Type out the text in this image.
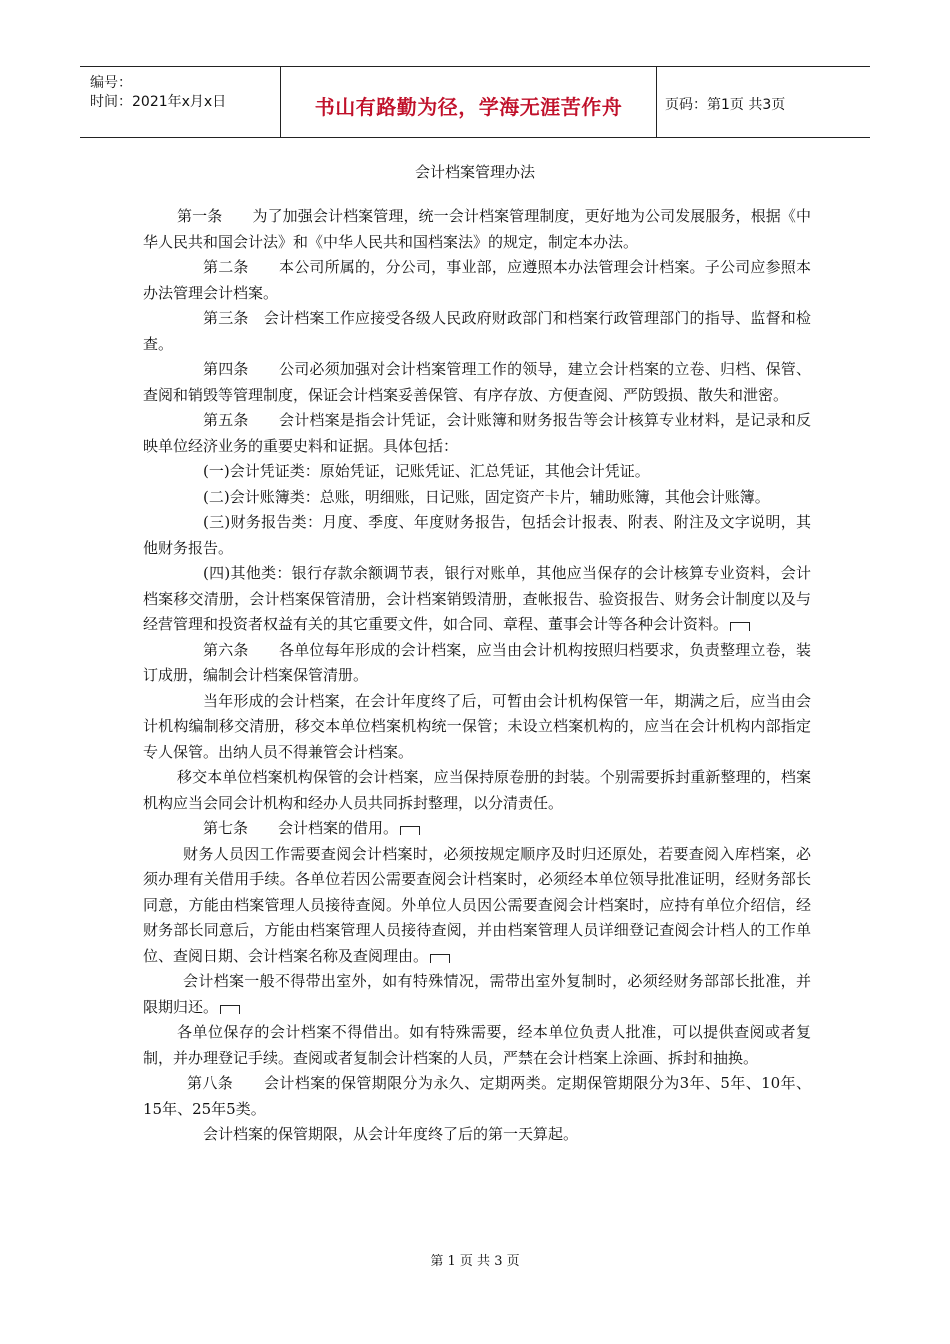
编号：
时间：2021年x月x日	书山有路勤为径，学海无涯苦作舟	页码：第1页 共3页
会计档案管理办法

第一条　　为了加强会计档案管理，统一会计档案管理制度，更好地为公司发展服务，根据《中华人民共和国会计法》和《中华人民共和国档案法》的规定，制定本办法。

第二条　　本公司所属的，分公司，事业部，应遵照本办法管理会计档案。子公司应参照本办法管理会计档案。

第三条　会计档案工作应接受各级人民政府财政部门和档案行政管理部门的指导、监督和检查。

第四条　　公司必须加强对会计档案管理工作的领导，建立会计档案的立卷、归档、保管、查阅和销毁等管理制度，保证会计档案妥善保管、有序存放、方便查阅、严防毁损、散失和泄密。

第五条　　会计档案是指会计凭证，会计账簿和财务报告等会计核算专业材料，是记录和反映单位经济业务的重要史料和证据。具体包括：

(一)会计凭证类：原始凭证，记账凭证、汇总凭证，其他会计凭证。

(二)会计账簿类：总账，明细账，日记账，固定资产卡片，辅助账簿，其他会计账簿。

(三)财务报告类：月度、季度、年度财务报告，包括会计报表、附表、附注及文字说明，其他财务报告。

(四)其他类：银行存款余额调节表，银行对账单，其他应当保存的会计核算专业资料，会计档案移交清册，会计档案保管清册，会计档案销毁清册，查帐报告、验资报告、财务会计制度以及与经营管理和投资者权益有关的其它重要文件，如合同、章程、董事会计等各种会计资料。

第六条　　各单位每年形成的会计档案，应当由会计机构按照归档要求，负责整理立卷，装订成册，编制会计档案保管清册。

当年形成的会计档案，在会计年度终了后，可暂由会计机构保管一年，期满之后，应当由会计机构编制移交清册，移交本单位档案机构统一保管；未设立档案机构的，应当在会计机构内部指定专人保管。出纳人员不得兼管会计档案。

移交本单位档案机构保管的会计档案，应当保持原卷册的封装。个别需要拆封重新整理的，档案机构应当会同会计机构和经办人员共同拆封整理，以分清责任。

第七条　　会计档案的借用。

财务人员因工作需要查阅会计档案时，必须按规定顺序及时归还原处，若要查阅入库档案，必须办理有关借用手续。各单位若因公需要查阅会计档案时，必须经本单位领导批准证明，经财务部长同意，方能由档案管理人员接待查阅。外单位人员因公需要查阅会计档案时，应持有单位介绍信，经财务部长同意后，方能由档案管理人员接待查阅，并由档案管理人员详细登记查阅会计档人的工作单位、查阅日期、会计档案名称及查阅理由。

会计档案一般不得带出室外，如有特殊情况，需带出室外复制时，必须经财务部部长批准，并限期归还。

各单位保存的会计档案不得借出。如有特殊需要，经本单位负责人批准，可以提供查阅或者复制，并办理登记手续。查阅或者复制会计档案的人员，严禁在会计档案上涂画、拆封和抽换。

第八条　　会计档案的保管期限分为永久、定期两类。定期保管期限分为3年、5年、10年、15年、25年5类。

会计档案的保管期限，从会计年度终了后的第一天算起。

第 1 页 共 3 页
